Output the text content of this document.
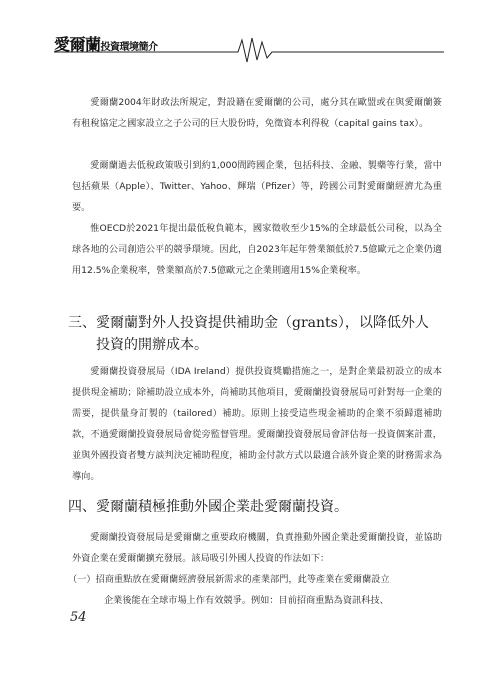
愛爾蘭投資環境簡介

愛爾蘭2004年財政法所規定，對設籍在愛爾蘭的公司，處分其在歐盟或在與愛爾蘭簽有租稅協定之國家設立之子公司的巨大股份時，免徵資本利得稅（capital gains tax）。

愛爾蘭過去低稅政策吸引到約1,000間跨國企業，包括科技、金融、製藥等行業，當中包括蘋果（Apple）、Twitter、Yahoo、輝瑞（Pfizer）等，跨國公司對愛爾蘭經濟尤為重要。

惟OECD於2021年提出最低稅負範本，國家徵收至少15%的全球最低公司稅，以為全球各地的公司創造公平的競爭環境。因此，自2023年起年營業額低於7.5億歐元之企業仍適用12.5%企業稅率，營業額高於7.5億歐元之企業則適用15%企業稅率。

三、愛爾蘭對外人投資提供補助金（grants），以降低外人
投資的開辦成本。

愛爾蘭投資發展局（IDA Ireland）提供投資獎勵措施之一，是對企業最初設立的成本提供現金補助；除補助設立成本外，尚補助其他項目，愛爾蘭投資發展局可針對每一企業的需要，提供量身訂製的（tailored）補助。原則上接受這些現金補助的企業不須歸還補助款，不過愛爾蘭投資發展局會從旁監督管理。愛爾蘭投資發展局會評估每一投資個案計畫，並與外國投資者雙方談判決定補助程度，補助金付款方式以最適合該外資企業的財務需求為導向。

四、愛爾蘭積極推動外國企業赴愛爾蘭投資。

愛爾蘭投資發展局是愛爾蘭之重要政府機關，負責推動外國企業赴愛爾蘭投資，並協助外資企業在愛爾蘭擴充發展。該局吸引外國人投資的作法如下：

（一）招商重點放在愛爾蘭經濟發展新需求的產業部門，此等產業在愛爾蘭設立
企業後能在全球市場上作有效競爭。例如：目前招商重點為資訊科技、
54
